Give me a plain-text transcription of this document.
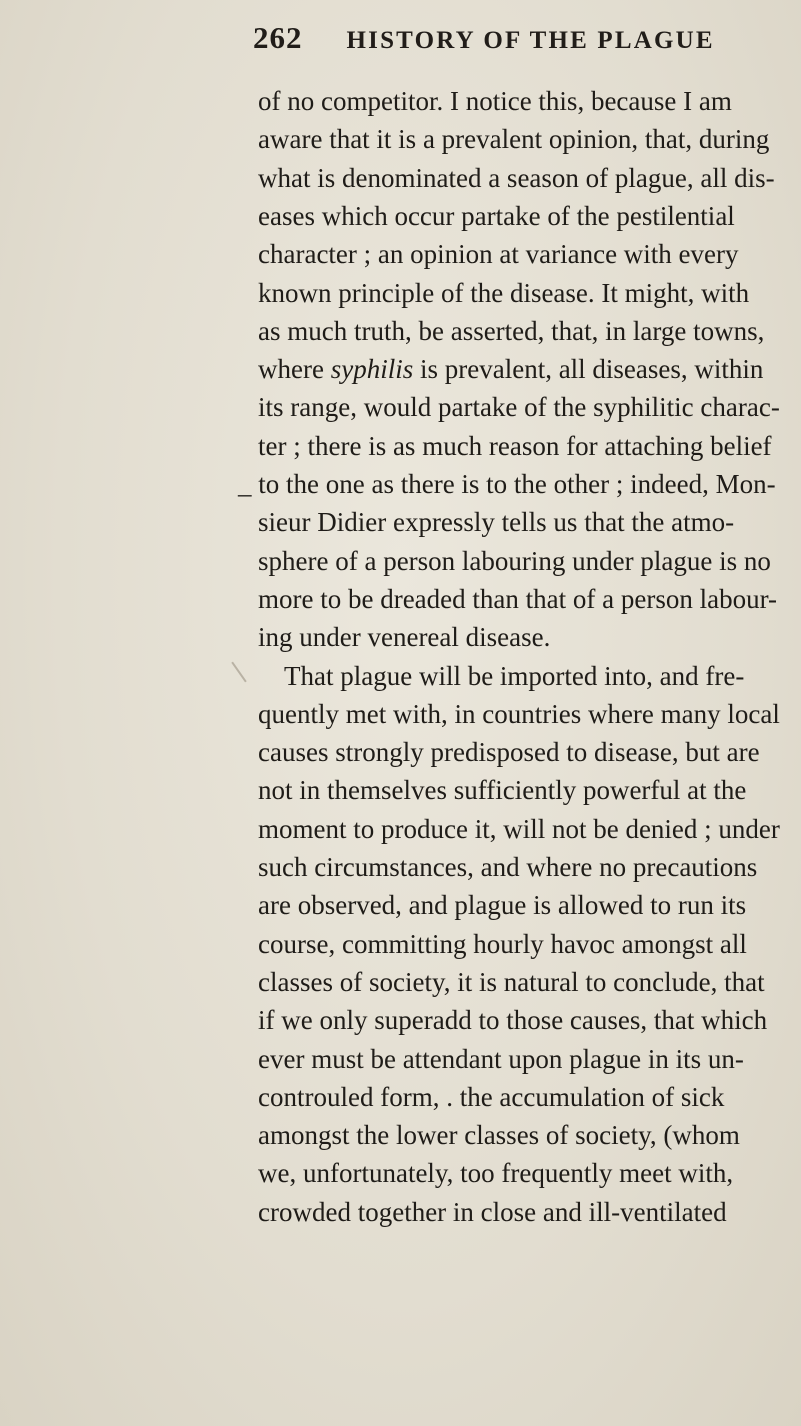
262 HISTORY OF THE PLAGUE
of no competitor. I notice this, because I am
aware that it is a prevalent opinion, that, during
what is denominated a season of plague, all dis-
eases which occur partake of the pestilential
character ; an opinion at variance with every
known principle of the disease. It might, with
as much truth, be asserted, that, in large towns,
where syphilis is prevalent, all diseases, within
its range, would partake of the syphilitic charac-
ter ; there is as much reason for attaching belief
_ to the one as there is to the other ; indeed, Mon-
sieur Didier expressly tells us that the atmo-
sphere of a person labouring under plague is no
more to be dreaded than that of a person labour-
ing under venereal disease.
That plague will be imported into, and fre-
quently met with, in countries where many local
causes strongly predisposed to disease, but are
not in themselves sufficiently powerful at the
moment to produce it, will not be denied ; under
such circumstances, and where no precautions
are observed, and plague is allowed to run its
course, committing hourly havoc amongst all
classes of society, it is natural to conclude, that
if we only superadd to those causes, that which
ever must be attendant upon plague in its un-
controuled form, . the accumulation of sick
amongst the lower classes of society, (whom
we, unfortunately, too frequently meet with,
crowded together in close and ill-ventilated
